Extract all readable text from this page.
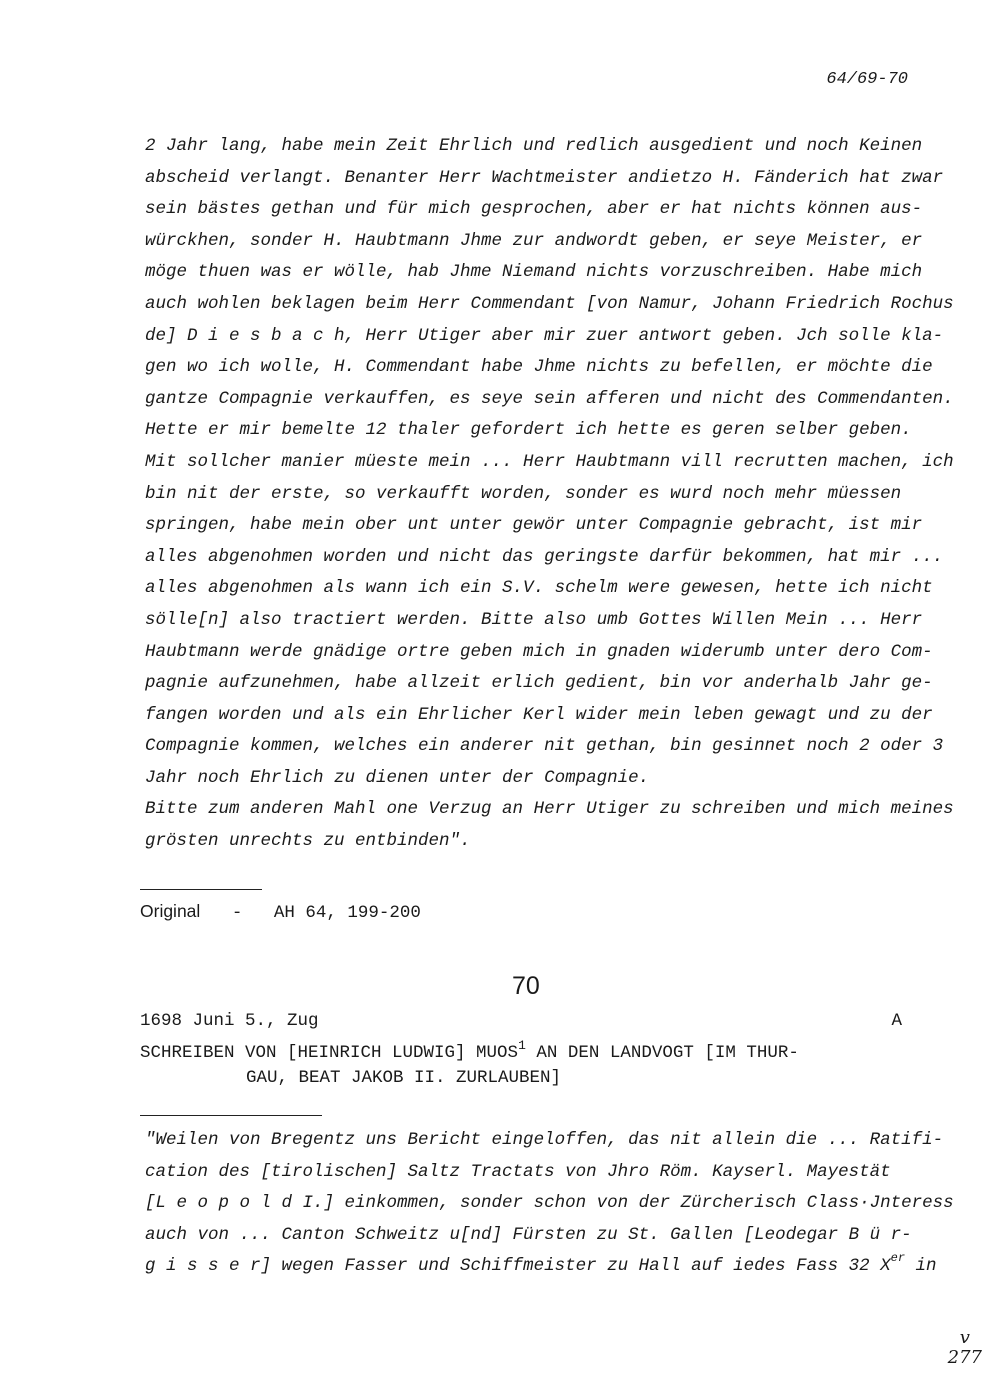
64/69-70
2 Jahr lang, habe mein Zeit Ehrlich und redlich ausgedient und noch Keinen
abscheid verlangt. Benanter Herr Wachtmeister andietzo H. Fänderich hat zwar
sein bästes gethan und für mich gesprochen, aber er hat nichts können aus-
würckhen, sonder H. Haubtmann Jhme zur andwordt geben, er seye Meister, er
möge thuen was er wölle, hab Jhme Niemand nichts vorzuschreiben. Habe mich
auch wohlen beklagen beim Herr Commendant [von Namur, Johann Friedrich Rochus
de] D i e s b a c h, Herr Utiger aber mir zuer antwort geben. Jch solle kla-
gen wo ich wolle, H. Commendant habe Jhme nichts zu befellen, er möchte die
gantze Compagnie verkauffen, es seye sein afferen und nicht des Commendanten.
Hette er mir bemelte 12 thaler gefordert ich hette es geren selber geben.
Mit sollcher manier müeste mein ... Herr Haubtmann vill recrutten machen, ich
bin nit der erste, so verkaufft worden, sonder es wurd noch mehr müessen
springen, habe mein ober unt unter gewör unter Compagnie gebracht, ist mir
alles abgenohmen worden und nicht das geringste darfür bekommen, hat mir ...
alles abgenohmen als wann ich ein S.V. schelm were gewesen, hette ich nicht
sölle[n] also tractiert werden. Bitte also umb Gottes Willen Mein ... Herr
Haubtmann werde gnädige ortre geben mich in gnaden widerumb unter dero Com-
pagnie aufzunehmen, habe allzeit erlich gedient, bin vor anderhalb Jahr ge-
fangen worden und als ein Ehrlicher Kerl wider mein leben gewagt und zu der
Compagnie kommen, welches ein anderer nit gethan, bin gesinnet noch 2 oder 3
Jahr noch Ehrlich zu dienen unter der Compagnie.
Bitte zum anderen Mahl one Verzug an Herr Utiger zu schreiben und mich meines
grösten unrechts zu entbinden".
Original - AH 64, 199-200
70
1698 Juni 5., Zug	A
SCHREIBEN VON [HEINRICH LUDWIG] MUOS$^1$ AN DEN LANDVOGT [IM THUR-
GAU, BEAT JAKOB II. ZURLAUBEN]
"Weilen von Bregentz uns Bericht eingeloffen, das nit allein die ... Ratifi-
cation des [tirolischen] Saltz Tractats von Jhro Röm. Kayserl. Mayestät
[L e o p o l d I.] einkommen, sonder schon von der Zürcherisch Class·Jnteress
auch von ... Canton Schweitz u[nd] Fürsten zu St. Gallen [Leodegar B ü r-
g i s s e r] wegen Fasser und Schiffmeister zu Hall auf iedes Fass 32 Xer in
v
277
